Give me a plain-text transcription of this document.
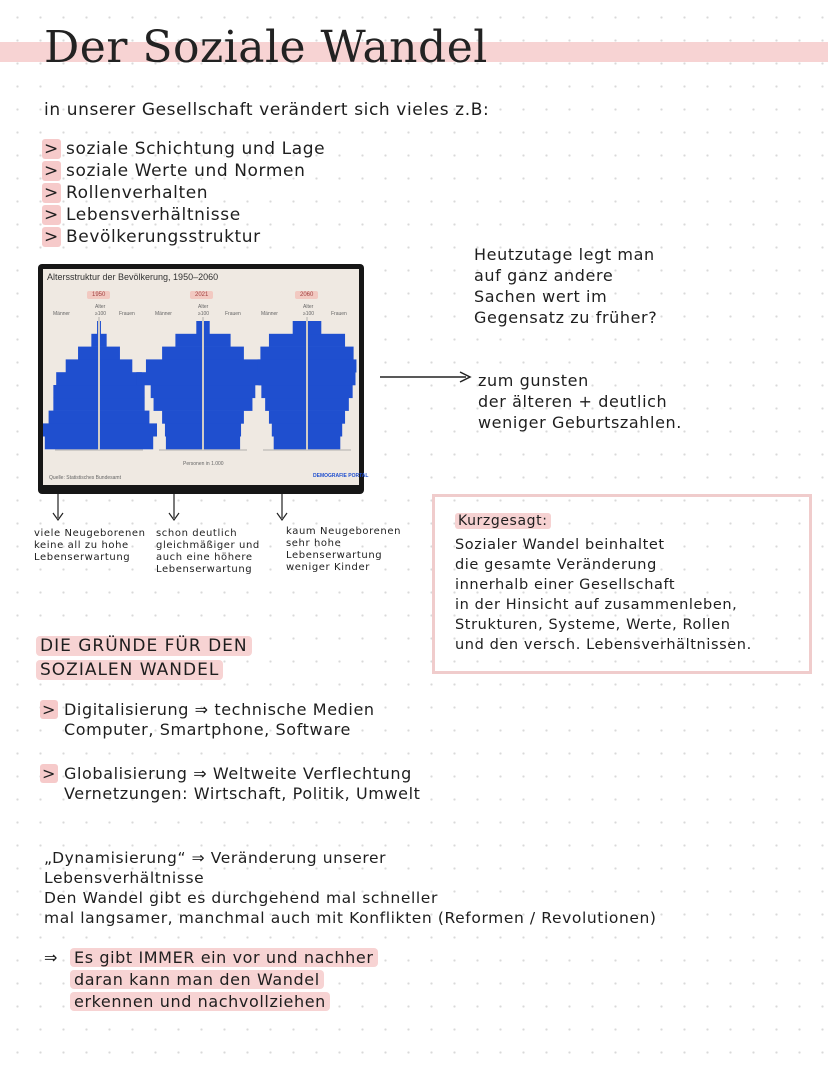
Der Soziale Wandel
in unserer Gesellschaft verändert sich vieles z.B:
> soziale Schichtung und Lage
> soziale Werte und Normen
> Rollenverhalten
> Lebensverhältnisse
> Bevölkerungsstruktur
Heutzutage legt man
auf ganz andere
Sachen wert im
Gegensatz zu früher?
Altersstruktur der Bevölkerung, 1950–2060
1950	2021	2060
Männer	Frauen	Männer	Frauen	Männer	Frauen
Alter	Alter	Alter
≥100	≥100	≥100
Personen in 1.000
Quelle: Statistisches Bundesamt	DEMOGRAFIE PORTAL
zum gunsten
der älteren + deutlich
weniger Geburtszahlen.
viele Neugeborenen
keine all zu hohe
Lebenserwartung
schon deutlich
gleichmäßiger und
auch eine höhere
Lebenserwartung
kaum Neugeborenen
sehr hohe
Lebenserwartung
weniger Kinder
Kurzgesagt:
Sozialer Wandel beinhaltet
die gesamte Veränderung
innerhalb einer Gesellschaft
in der Hinsicht auf zusammenleben,
Strukturen, Systeme, Werte, Rollen
und den versch. Lebensverhältnissen.
DIE GRÜNDE FÜR DEN
SOZIALEN WANDEL
> Digitalisierung ⇒ technische Medien
Computer, Smartphone, Software
> Globalisierung ⇒ Weltweite Verflechtung
Vernetzungen: Wirtschaft, Politik, Umwelt
„Dynamisierung“ ⇒ Veränderung unserer
Lebensverhältnisse
Den Wandel gibt es durchgehend mal schneller
mal langsamer, manchmal auch mit Konflikten (Reformen / Revolutionen)
⇒ Es gibt IMMER ein vor und nachher
daran kann man den Wandel
erkennen und nachvollziehen
